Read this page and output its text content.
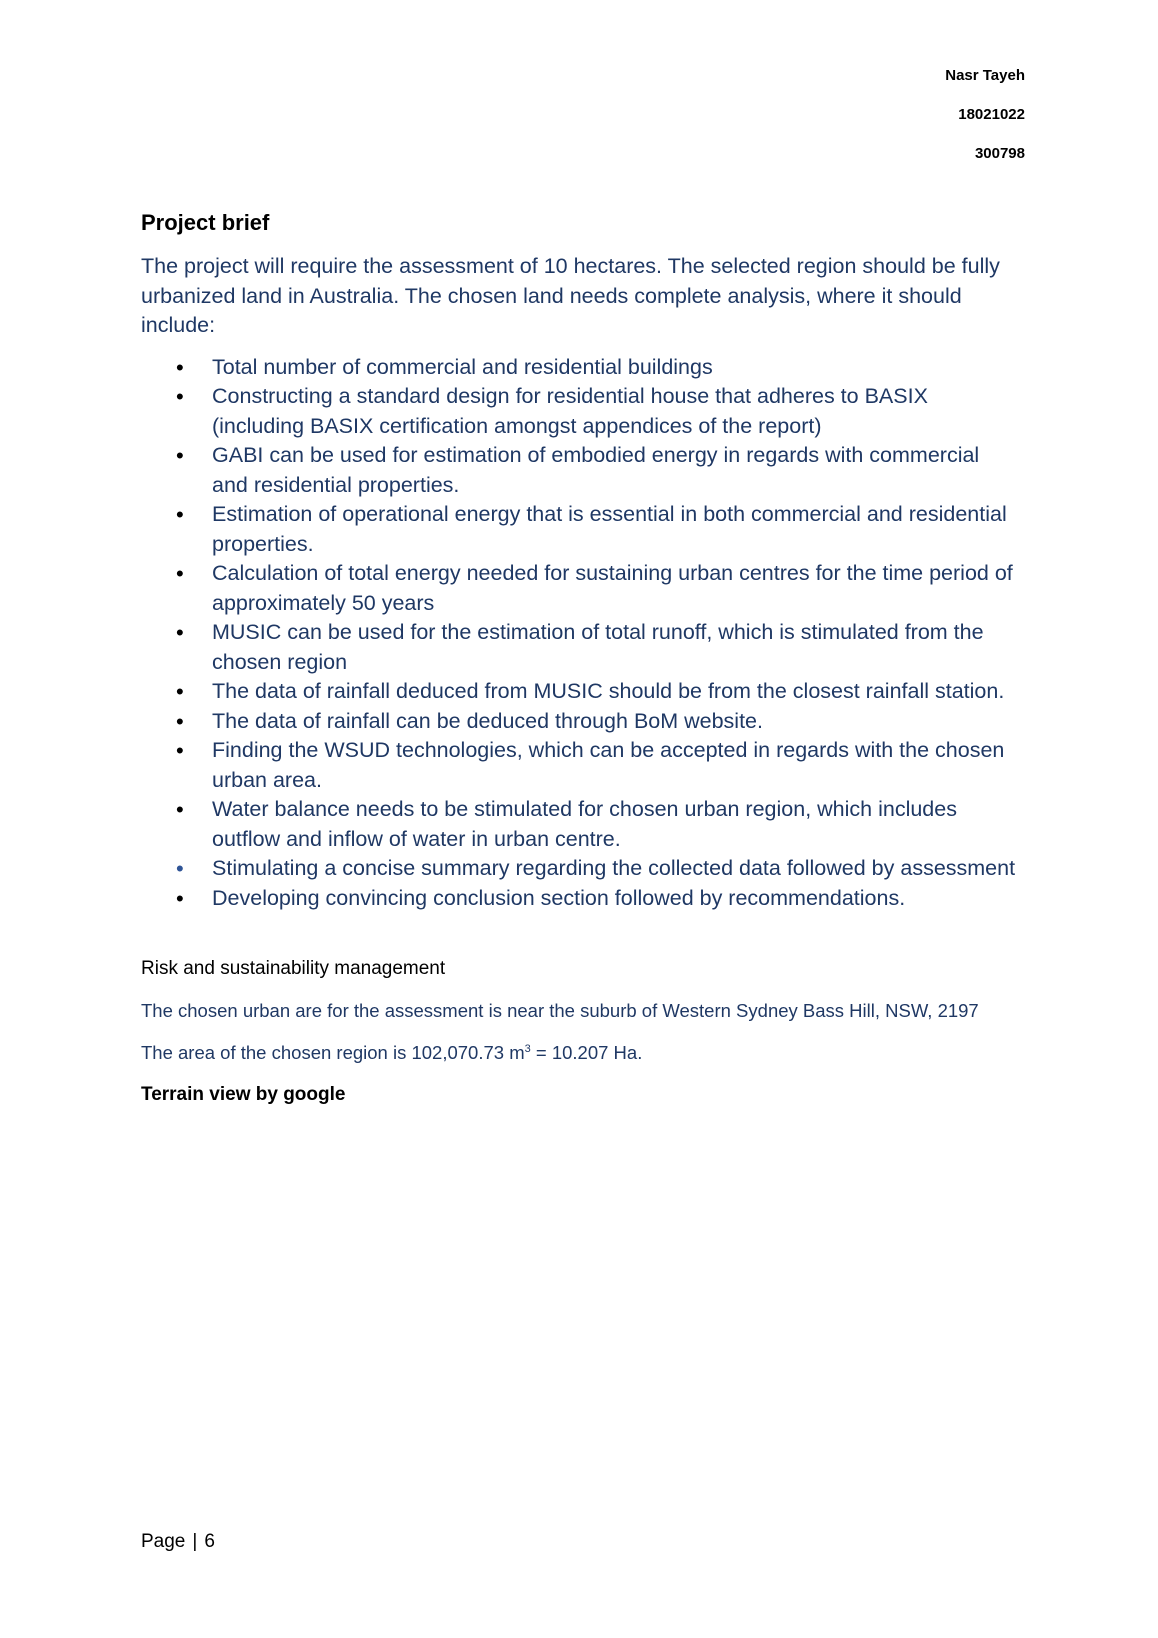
Nasr Tayeh
18021022
300798
Project brief

The project will require the assessment of 10 hectares. The selected region should be fully urbanized land in Australia. The chosen land needs complete analysis, where it should include:

• Total number of commercial and residential buildings
• Constructing a standard design for residential house that adheres to BASIX (including BASIX certification amongst appendices of the report)
• GABI can be used for estimation of embodied energy in regards with commercial and residential properties.
• Estimation of operational energy that is essential in both commercial and residential properties.
• Calculation of total energy needed for sustaining urban centres for the time period of approximately 50 years
• MUSIC can be used for the estimation of total runoff, which is stimulated from the chosen region
• The data of rainfall deduced from MUSIC should be from the closest rainfall station.
• The data of rainfall can be deduced through BoM website.
• Finding the WSUD technologies, which can be accepted in regards with the chosen urban area.
• Water balance needs to be stimulated for chosen urban region, which includes outflow and inflow of water in urban centre.
• Stimulating a concise summary regarding the collected data followed by assessment
• Developing convincing conclusion section followed by recommendations.

Risk and sustainability management

The chosen urban are for the assessment is near the suburb of Western Sydney Bass Hill, NSW, 2197

The area of the chosen region is 102,070.73 $m^3 = 10.207$ Ha.

Terrain view by google

Page | 6
